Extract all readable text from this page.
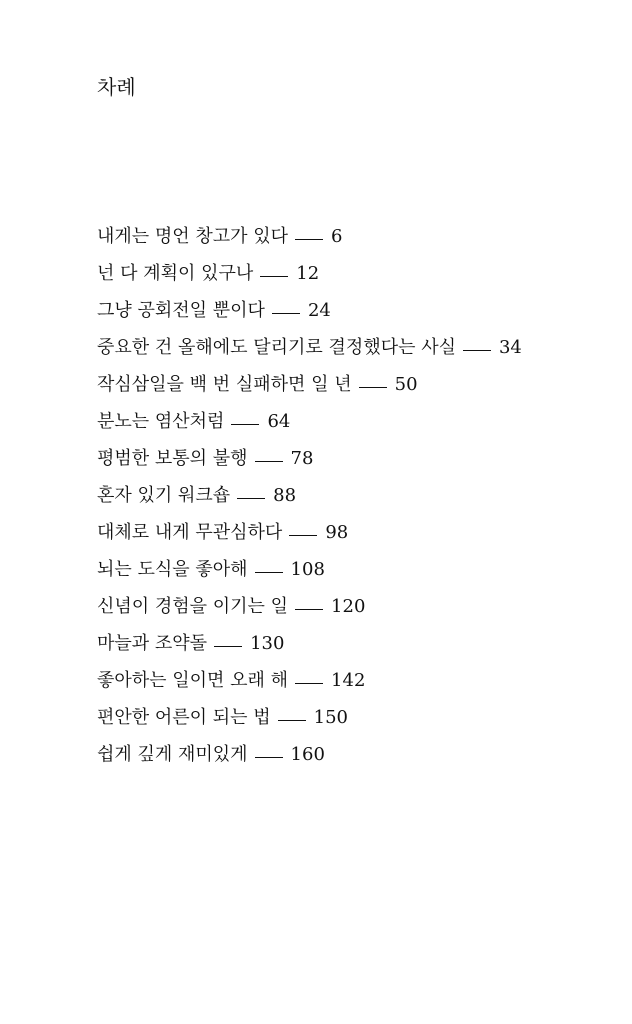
차례
내게는 명언 창고가 있다 6
넌 다 계획이 있구나 12
그냥 공회전일 뿐이다 24
중요한 건 올해에도 달리기로 결정했다는 사실 34
작심삼일을 백 번 실패하면 일 년 50
분노는 염산처럼 64
평범한 보통의 불행 78
혼자 있기 워크숍 88
대체로 내게 무관심하다 98
뇌는 도식을 좋아해 108
신념이 경험을 이기는 일 120
마늘과 조약돌 130
좋아하는 일이면 오래 해 142
편안한 어른이 되는 법 150
쉽게 깊게 재미있게 160
